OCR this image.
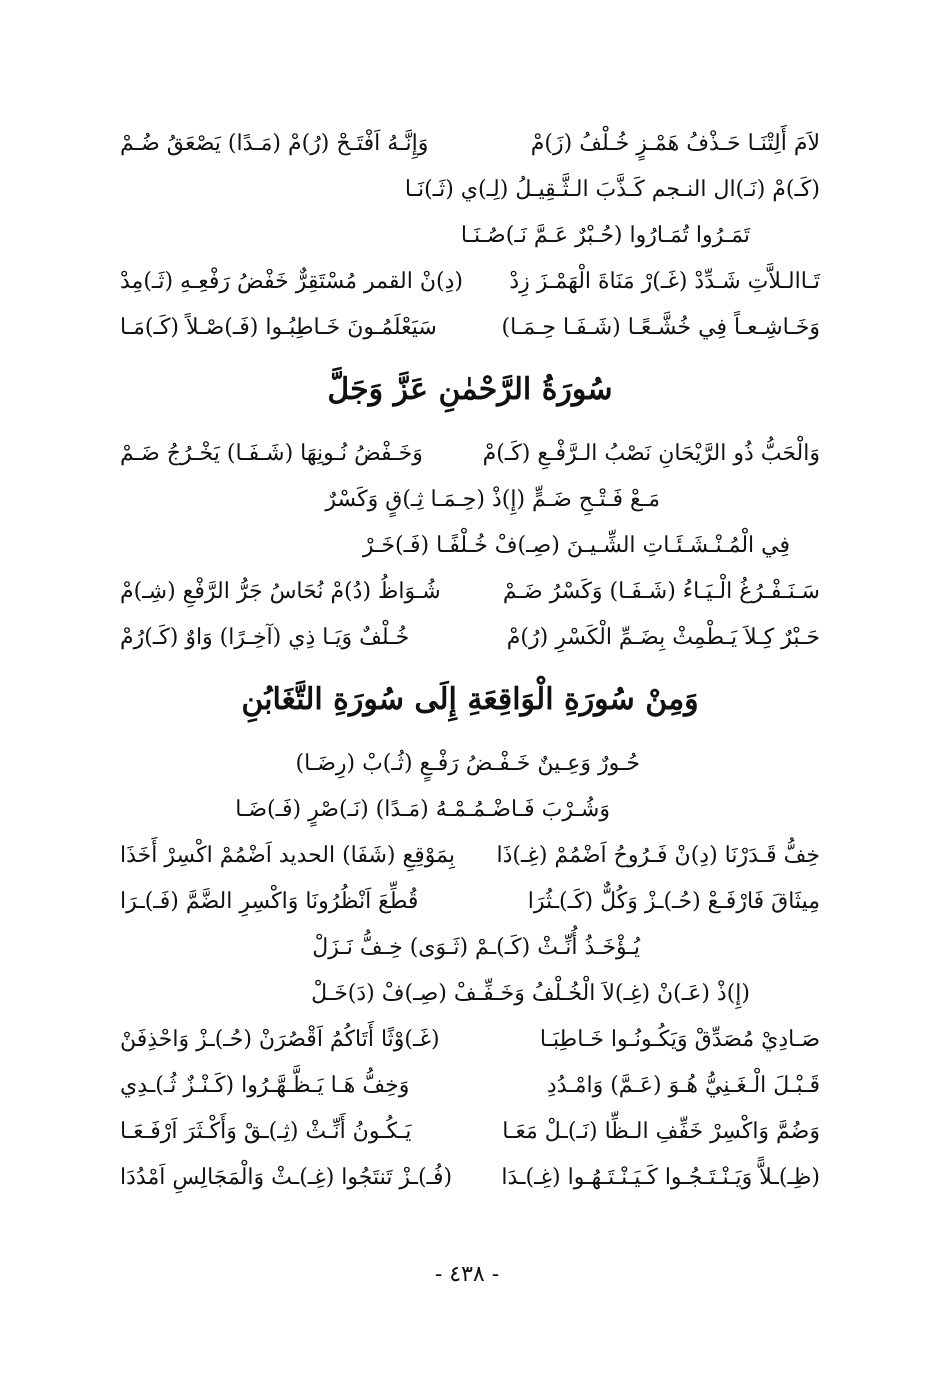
لاَمَ أَلِتْنَـا حَـذْفُ هَمْـزٍ خُـلْفُ (زَ)مْ
وَإِنَّـهُ اَفْتَـحْ (رُ)مْ (مَـدًا) يَصْعَقُ ضُـمْ
(كَـ)مْ (نَـ)ال النـجم كَـذَّبَ الـثَّـقِيـلُ (لِـ)ي (ثَـ)نَـا
تَمَـرُوا تُمَـارُوا (حُـبْرٌ عَـمَّ نَـ)صُـنَـا
تَـاالـلاَّتِ شَـدِّدْ (غَـ)رْ مَنَاةَ الْهَمْـزَ زِدْ
(دِ)نْ القمر مُسْتَقِرٌّ خَفْضُ رَفْعِـهِ (ثَـ)مِدْ
وَخَـاشِـعـاً فِي خُشَّـعًـا (شَـفَـا حِـمَـا)
سَيَعْلَمُـونَ خَـاطِبُـوا (فَـ)صْـلاً (كَـ)مَـا
سُورَةُ الرَّحْمٰنِ عَزَّ وَجَلَّ
وَالْحَبُّ ذُو الرَّيْحَانِ نَصْبُ الـرَّفْـعِ (كَـ)مْ
وَخَـفْضُ نُـونِهَا (شَـفَـا) يَخْـرُجُ ضَـمْ
مَـعْ فَـتْـحِ ضَـمٍّ (إِ)ذْ (حِـمَـا ثِـ)قٍ وَكَسْرٌ
فِي الْمُـنْـشَـئَـاتِ الشِّـيـنَ (صِـ)فْ خُـلْفًـا (فَـ)خَـرْ
سَـنَـفْـرُغُ الْـيَـاءُ (شَـفَـا) وَكَسْرُ ضَـمْ
شُـوَاظُ (دُ)مْ نُحَاسُ جَرُّ الرَّفْعِ (شِـ)مْ
حَـبْرٌ كِـلاَ يَـطْمِثْ بِضَـمِّ الْكَسْرِ (رُ)مْ
خُـلْفٌ وَيَـا ذِي (آخِـرًا) وَاوٌ (كَـ)رُمْ
وَمِنْ سُورَةِ الْوَاقِعَةِ إِلَى سُورَةِ التَّغَابُنِ
حُـورٌ وَعِـينٌ خَـفْـضُ رَفْـعٍ (ثُـ)بْ (رِضَـا)
وَشُـرْبَ فَـاضْـمُـمْـهُ (مَـدًا) (نَـ)صْرٍ (فَـ)ضَـا
خِفُّ قَـدَرْنَا (دِ)نْ فَـرُوحُ اَضْمُمْ (غِـ)ذَا
بِمَوْقِعِ (شَفَا) الحديد اَضْمُمْ اكْسِرْ أَخَذَا
مِيثَاقَ فَارْفَـعْ (حُـ)ـزْ وَكُلٌّ (كَـ)ـثُرَا
قُطِّعَ اَنْظُرُونَا وَاكْسِرِ الضَّمَّ (فَـ)ـرَا
يُـؤْخَـذُ أُنِّـثْ (كَـ)ـمْ (ثَـوَى) خِـفُّ نَـزَلْ
(إِ)ذْ (عَـ)نْ (غِـ)لاَ الْخُـلْفُ وَخَـفِّـفْ (صِـ)فْ (دَ)خَـلْ
صَـادِيْ مُصَدِّقْ وَيَكُـونُـوا خَـاطِبَـا
(غَـ)وْثًا أَتَاكُمُ اَقْصُرَنْ (حُـ)ـزْ وَاحْذِفَنْ
قَـبْـلَ الْـغَـنِيُّ هُـوَ (عَـمَّ) وَامْـدُدِ
وَخِفُّ هَـا يَـظَّـهَّـرُوا (كَـنْـزٌ ثُـ)ـدِي
وَضُمَّ وَاكْسِرْ خَفِّفِ الـظِّا (نَـ)ـلْ مَعَـا
يَـكُـونُ أَنِّـثْ (ثِـ)ـقْ وَأَكْـثَرَ اَرْفَـعَـا
(ظِـ)ـلاًّ وَيَـنْـتَـجُـوا كَـيَـنْـتَـهُـوا (غِـ)ـدَا
(فُـ)ـزْ تَنتَجُوا (غِـ)ـثْ وَالْمَجَالِسِ اَمْدُدَا
- ٤٣٨ -
